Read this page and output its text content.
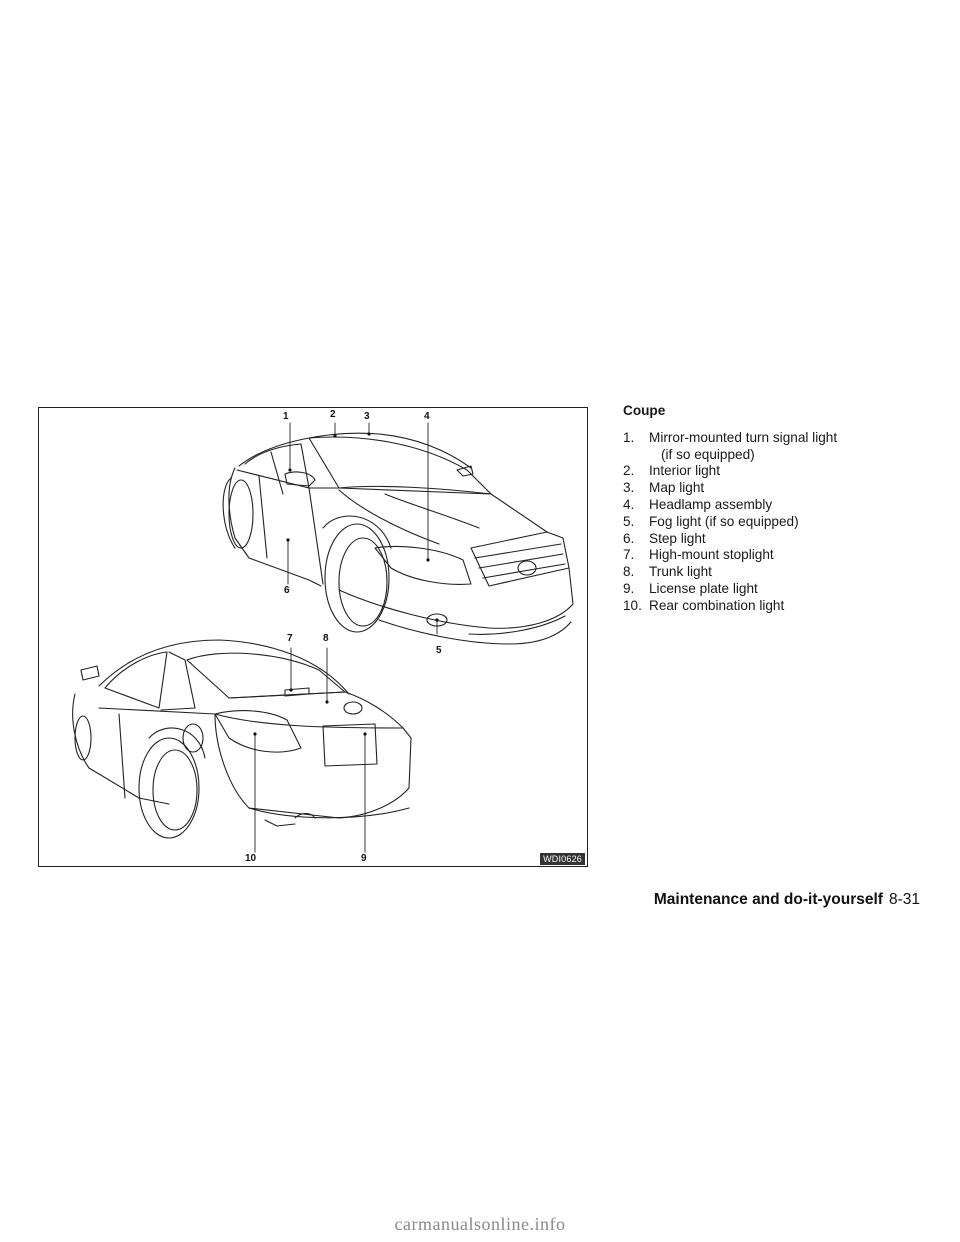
1	2	3	4
5
6
7	8
9
10	WDI0626
Coupe
1.	Mirror-mounted turn signal light
(if so equipped)
2.	Interior light
3.	Map light
4.	Headlamp assembly
5.	Fog light (if so equipped)
6.	Step light
7.	High-mount stoplight
8.	Trunk light
9.	License plate light
10. Rear combination light
Maintenance and do-it-yourself 8-31
carmanualsonline.info
